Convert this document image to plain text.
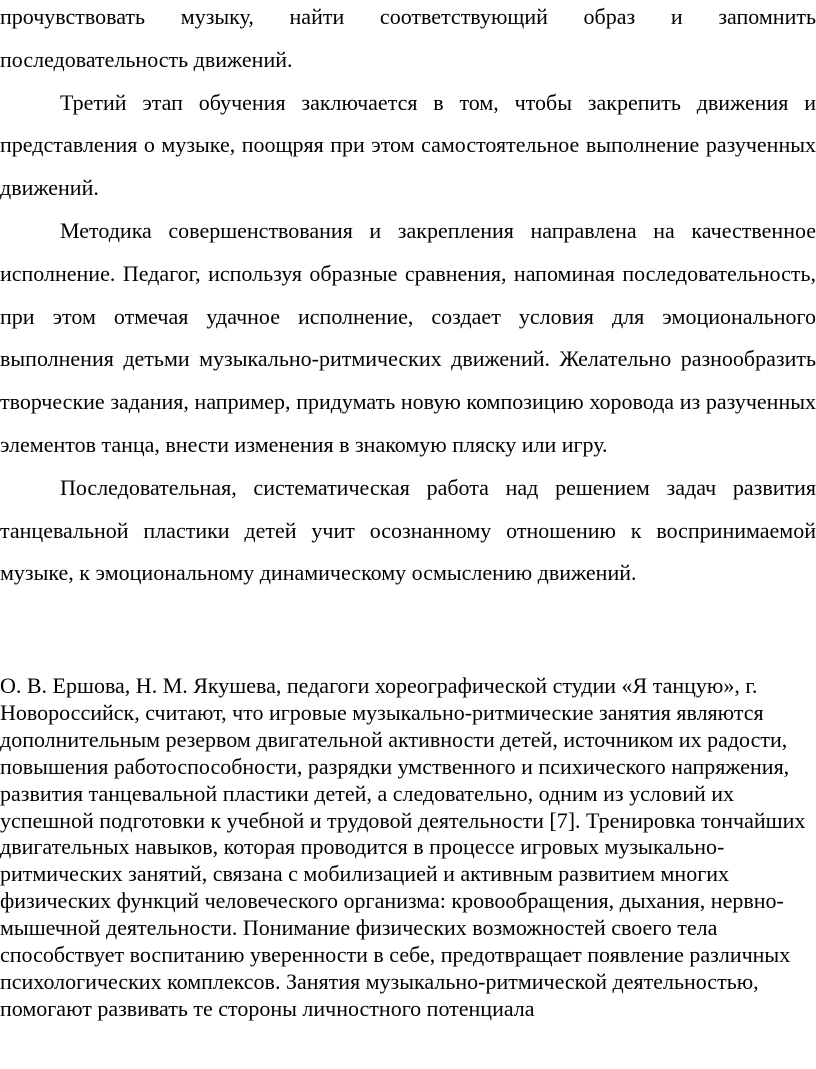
прочувствовать музыку, найти соответствующий образ и запомнить последовательность движений.

Третий этап обучения заключается в том, чтобы закрепить движения и представления о музыке, поощряя при этом самостоятельное выполнение разученных движений.

Методика совершенствования и закрепления направлена на качественное исполнение. Педагог, используя образные сравнения, напоминая последовательность, при этом отмечая удачное исполнение, создает условия для эмоционального выполнения детьми музыкально-ритмических движений. Желательно разнообразить творческие задания, например, придумать новую композицию хоровода из разученных элементов танца, внести изменения в знакомую пляску или игру.

Последовательная, систематическая работа над решением задач развития танцевальной пластики детей учит осознанному отношению к воспринимаемой музыке, к эмоциональному динамическому осмыслению движений.

О. В. Ершова, Н. М. Якушева, педагоги хореографической студии «Я танцую», г. Новороссийск, считают, что игровые музыкально-ритмические занятия являются дополнительным резервом двигательной активности детей, источником их радости, повышения работоспособности, разрядки умственного и психического напряжения, развития танцевальной пластики детей, а следовательно, одним из условий их успешной подготовки к учебной и трудовой деятельности [7]. Тренировка тончайших двигательных навыков, которая проводится в процессе игровых музыкально-ритмических занятий, связана с мобилизацией и активным развитием многих физических функций человеческого организма: кровообращения, дыхания, нервно-мышечной деятельности. Понимание физических возможностей своего тела способствует воспитанию уверенности в себе, предотвращает появление различных психологических комплексов. Занятия музыкально-ритмической деятельностью, помогают развивать те стороны личностного потенциала
